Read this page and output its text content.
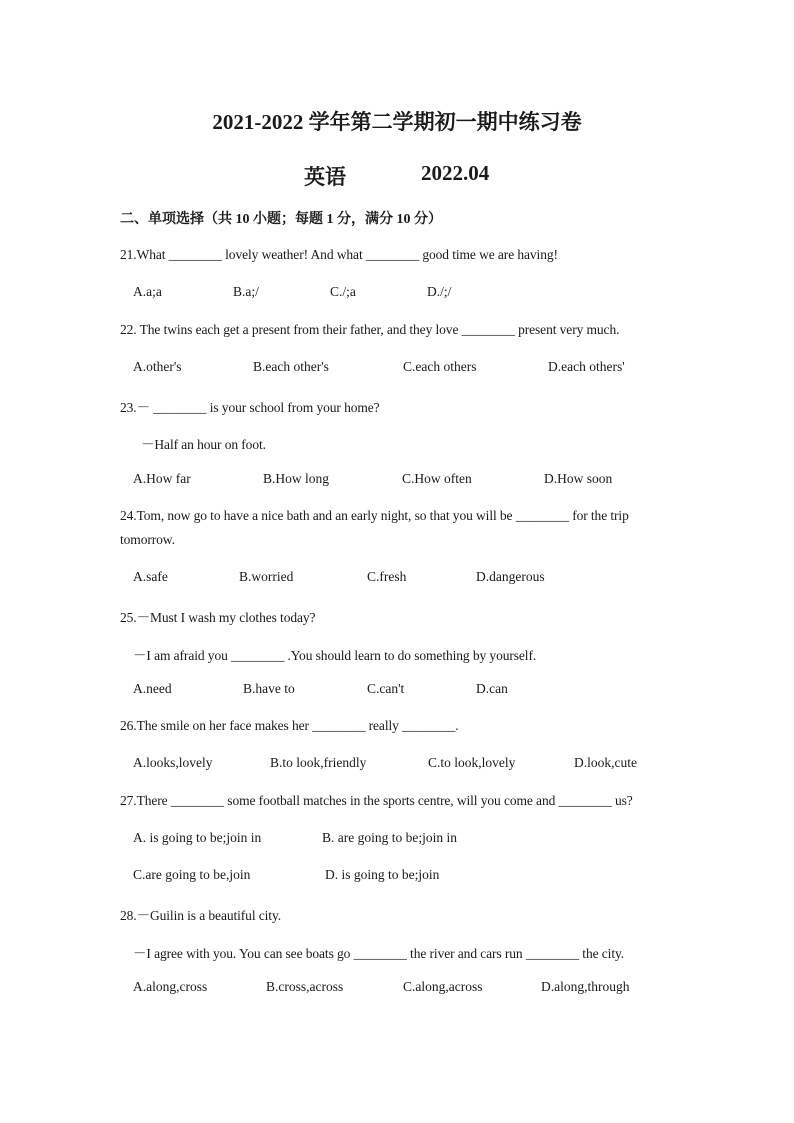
2021-2022 学年第二学期初一期中练习卷
英语	2022.04
二、单项选择（共 10 小题；每题 1 分，满分 10 分）
21.What ________ lovely weather! And what ________ good time we are having!
A.a;a	B.a;/	C./;a	D./;/
22. The twins each get a present from their father, and they love ________ present very much.
A.other's	B.each other's	C.each others	D.each others'
23.－ ________ is your school from your home?
－Half an hour on foot.
A.How far	B.How long	C.How often	D.How soon
24.Tom, now go to have a nice bath and an early night, so that you will be ________ for the trip
tomorrow.
A.safe	B.worried	C.fresh	D.dangerous
25.－Must I wash my clothes today?
－I am afraid you ________ .You should learn to do something by yourself.
A.need	B.have to	C.can't	D.can
26.The smile on her face makes her ________ really ________.
A.looks,lovely	B.to look,friendly	C.to look,lovely	D.look,cute
27.There ________ some football matches in the sports centre, will you come and ________ us?
A. is going to be;join in	B. are going to be;join in
C.are going to be,join	D. is going to be;join
28.－Guilin is a beautiful city.
－I agree with you. You can see boats go ________ the river and cars run ________ the city.
A.along,cross	B.cross,across	C.along,across	D.along,through
